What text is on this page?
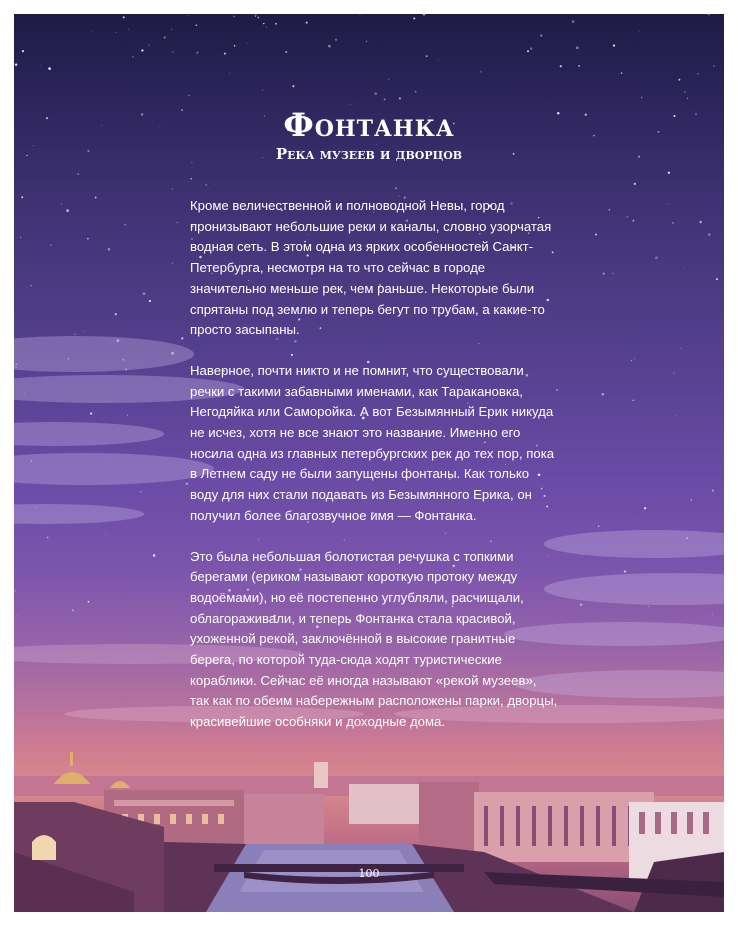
Фонтанка
Река музеев и дворцов

Кроме величественной и полноводной Невы, город пронизывают небольшие реки и каналы, словно узорчатая водная сеть. В этом одна из ярких особенностей Санкт-Петербурга, несмотря на то что сейчас в городе значительно меньше рек, чем раньше. Некоторые были спрятаны под землю и теперь бегут по трубам, а какие-то просто засыпаны.

Наверное, почти никто и не помнит, что существовали речки с такими забавными именами, как Таракановка, Негодяйка или Саморойка. А вот Безымянный Ерик никуда не исчез, хотя не все знают это название. Именно его носила одна из главных петербургских рек до тех пор, пока в Летнем саду не были запущены фонтаны. Как только воду для них стали подавать из Безымянного Ерика, он получил более благозвучное имя — Фонтанка.

Это была небольшая болотистая речушка с топкими берегами (ериком называют короткую протоку между водоёмами), но её постепенно углубляли, расчищали, облагораживали, и теперь Фонтанка стала красивой, ухоженной рекой, заключённой в высокие гранитные берега, по которой туда-сюда ходят туристические кораблики. Сейчас её иногда называют «рекой музеев», так как по обеим набережным расположены парки, дворцы, красивейшие особняки и доходные дома.

100
